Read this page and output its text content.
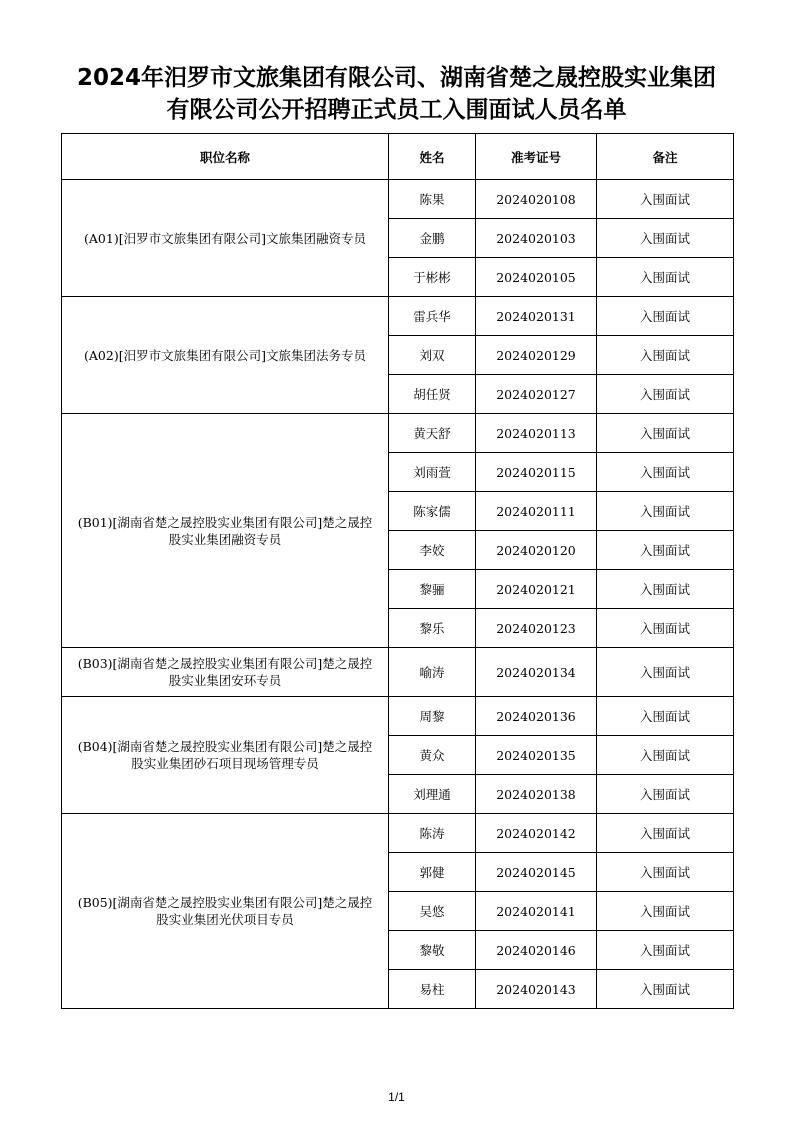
2024年汨罗市文旅集团有限公司、湖南省楚之晟控股实业集团
有限公司公开招聘正式员工入围面试人员名单
职位名称	姓名	准考证号	备注
(A01)[汨罗市文旅集团有限公司]文旅集团融资专员	陈果	2024020108	入围面试
	金鹏	2024020103	入围面试
	于彬彬	2024020105	入围面试
(A02)[汨罗市文旅集团有限公司]文旅集团法务专员	雷兵华	2024020131	入围面试
	刘双	2024020129	入围面试
	胡任贤	2024020127	入围面试
(B01)[湖南省楚之晟控股实业集团有限公司]楚之晟控股实业集团融资专员	黄天舒	2024020113	入围面试
	刘雨萱	2024020115	入围面试
	陈家儒	2024020111	入围面试
	李姣	2024020120	入围面试
	黎骊	2024020121	入围面试
	黎乐	2024020123	入围面试
(B03)[湖南省楚之晟控股实业集团有限公司]楚之晟控股实业集团安环专员	喻涛	2024020134	入围面试
(B04)[湖南省楚之晟控股实业集团有限公司]楚之晟控股实业集团砂石项目现场管理专员	周黎	2024020136	入围面试
	黄众	2024020135	入围面试
	刘理通	2024020138	入围面试
(B05)[湖南省楚之晟控股实业集团有限公司]楚之晟控股实业集团光伏项目专员	陈涛	2024020142	入围面试
	郭健	2024020145	入围面试
	吴悠	2024020141	入围面试
	黎敬	2024020146	入围面试
	易柱	2024020143	入围面试
1/1
